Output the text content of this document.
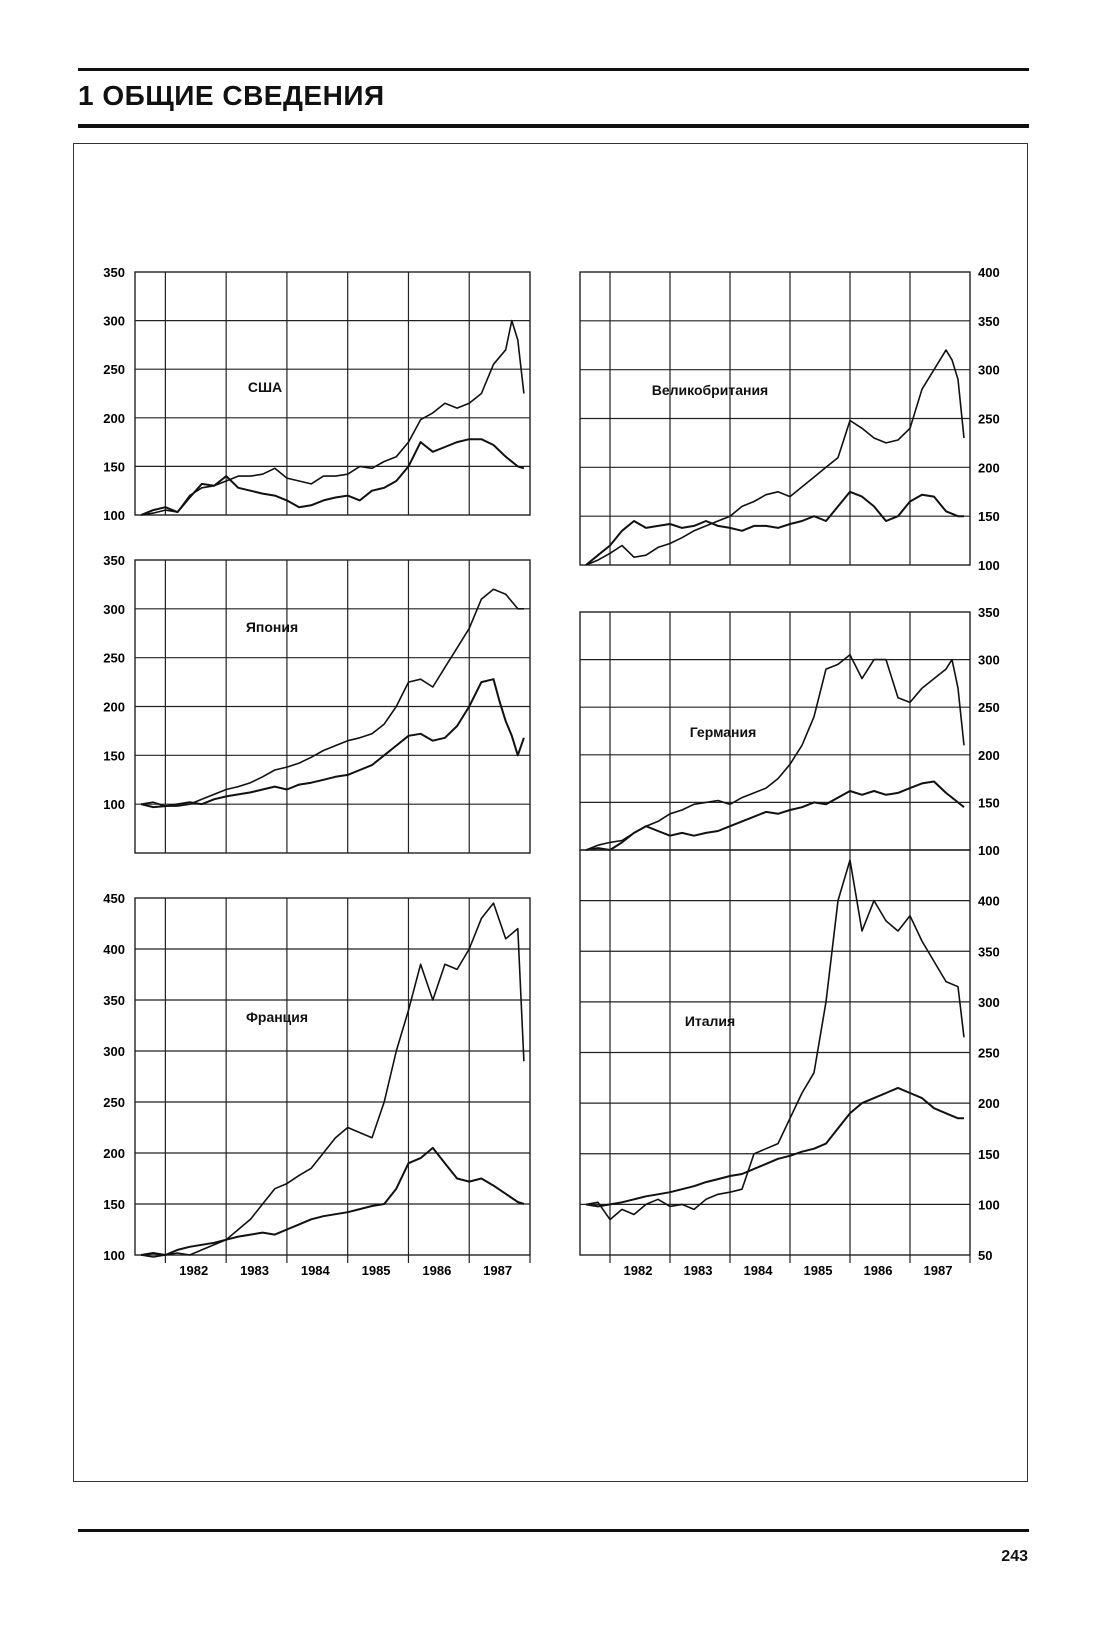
1 ОБЩИЕ СВЕДЕНИЯ
100
150
200
250
300
350
США
100
150
200
250
300
350
400
Великобритания
100
150
200
250
300
350
Япония
100
150
200
250
300
350
Германия
100
150
200
250
300
350
400
450
1982 1983 1984 1985 1986 1987
Франция
50
100
150
200
250
300
350
400
1982 1983 1984 1985 1986 1987
Италия
243
